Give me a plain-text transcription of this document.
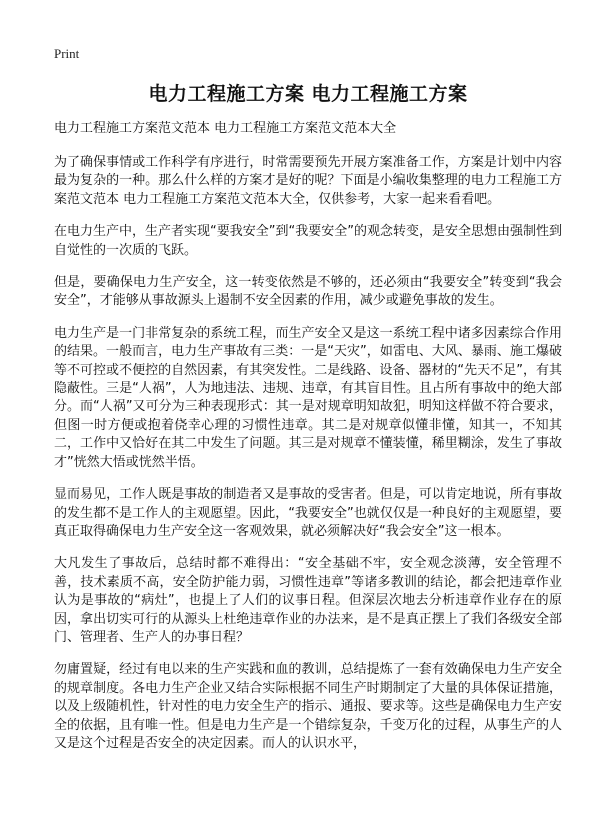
Print
电力工程施工方案 电力工程施工方案

电力工程施工方案范文范本 电力工程施工方案范文范本大全

为了确保事情或工作科学有序进行，时常需要预先开展方案准备工作，方案是计划中内容最为复杂的一种。那么什么样的方案才是好的呢？下面是小编收集整理的电力工程施工方案范文范本 电力工程施工方案范文范本大全，仅供参考，大家一起来看看吧。

在电力生产中，生产者实现“要我安全”到“我要安全”的观念转变，是安全思想由强制性到自觉性的一次质的飞跃。

但是，要确保电力生产安全，这一转变依然是不够的，还必须由“我要安全”转变到“我会安全”，才能够从事故源头上遏制不安全因素的作用，减少或避免事故的发生。

电力生产是一门非常复杂的系统工程，而生产安全又是这一系统工程中诸多因素综合作用的结果。一般而言，电力生产事故有三类：一是“天灾”，如雷电、大风、暴雨、施工爆破等不可控或不便控的自然因素，有其突发性。二是线路、设备、器材的“先天不足”，有其隐蔽性。三是“人祸”，人为地违法、违规、违章，有其盲目性。且占所有事故中的绝大部分。而“人祸”又可分为三种表现形式：其一是对规章明知故犯，明知这样做不符合要求，但图一时方便或抱着侥幸心理的习惯性违章。其二是对规章似懂非懂，知其一，不知其二，工作中又恰好在其二中发生了问题。其三是对规章不懂装懂，稀里糊涂，发生了事故才”恍然大悟或恍然半悟。

显而易见，工作人既是事故的制造者又是事故的受害者。但是，可以肯定地说，所有事故的发生都不是工作人的主观愿望。因此，“我要安全”也就仅仅是一种良好的主观愿望，要真正取得确保电力生产安全这一客观效果，就必须解决好“我会安全”这一根本。

大凡发生了事故后，总结时都不难得出：“安全基础不牢，安全观念淡薄，安全管理不善，技术素质不高，安全防护能力弱，习惯性违章”等诸多教训的结论，都会把违章作业认为是事故的“病灶”，也提上了人们的议事日程。但深层次地去分析违章作业存在的原因，拿出切实可行的从源头上杜绝违章作业的办法来，是不是真正摆上了我们各级安全部门、管理者、生产人的办事日程？

勿庸置疑，经过有电以来的生产实践和血的教训，总结提炼了一套有效确保电力生产安全的规章制度。各电力生产企业又结合实际根据不同生产时期制定了大量的具体保证措施，以及上级随机性，针对性的电力安全生产的指示、通报、要求等。这些是确保电力生产安全的依据，且有唯一性。但是电力生产是一个错综复杂，千变万化的过程，从事生产的人又是这个过程是否安全的决定因素。而人的认识水平，
